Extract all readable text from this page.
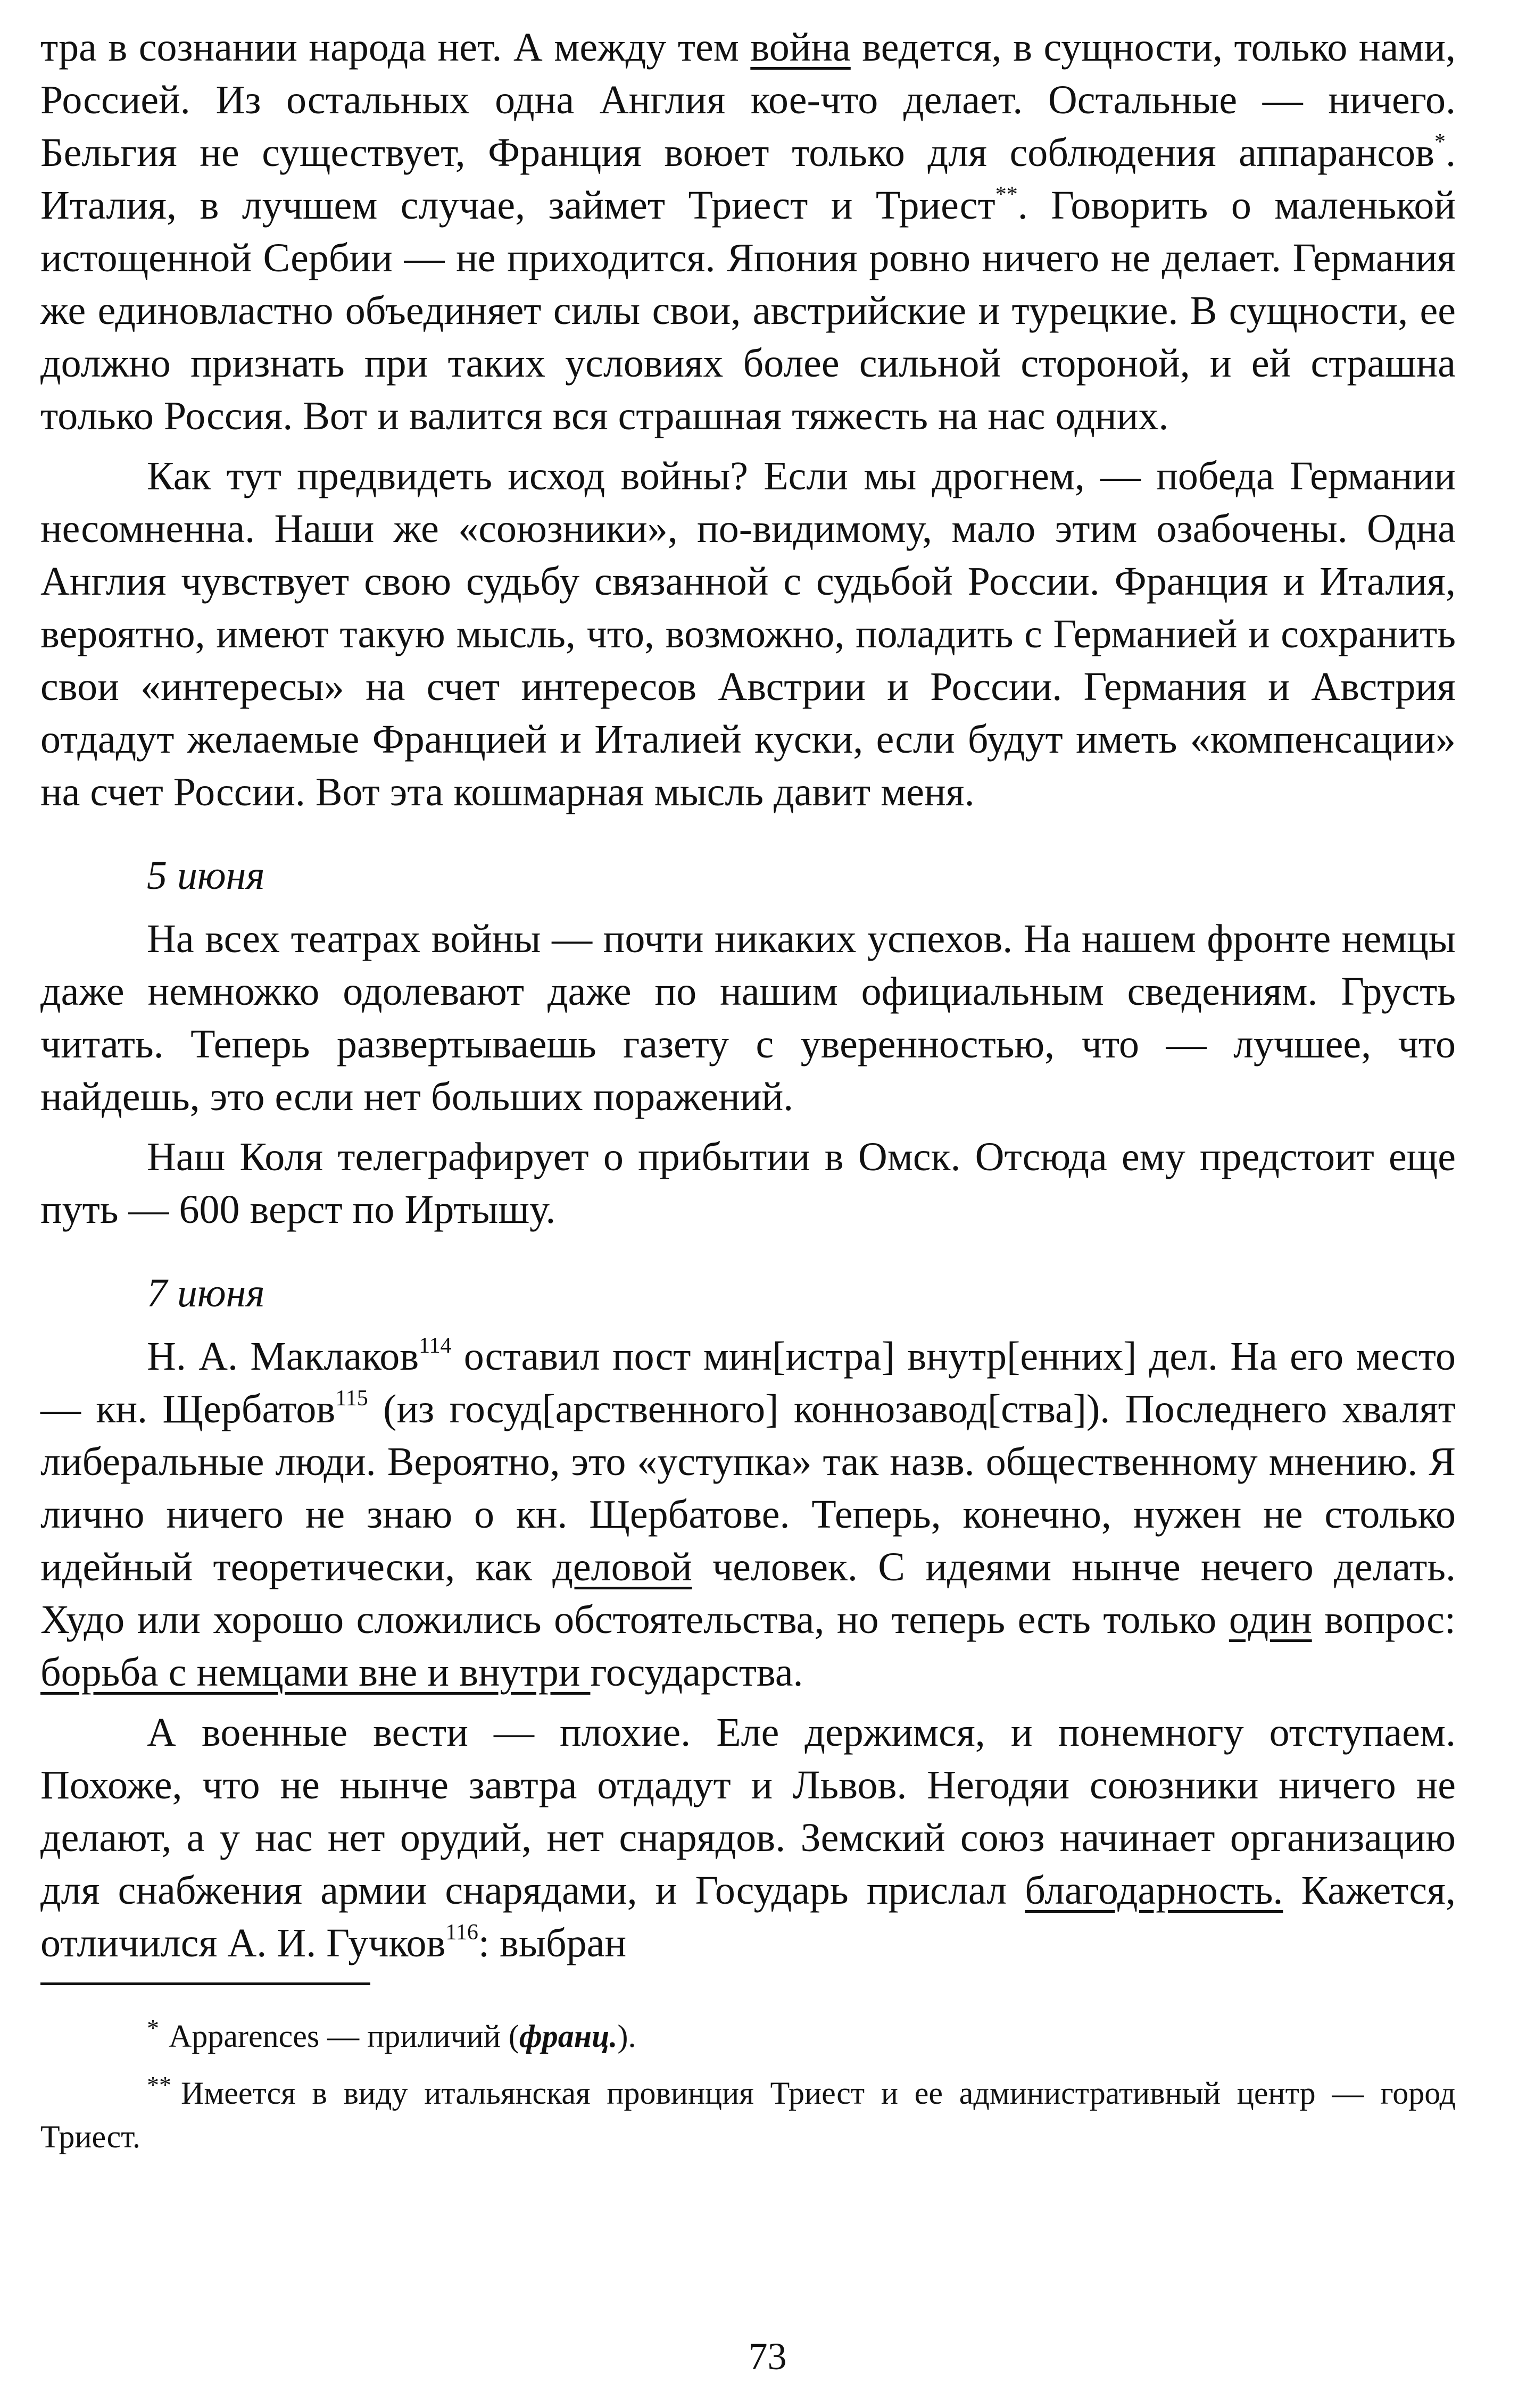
тра в сознании народа нет. А между тем война ведется, в сущности, только нами, Россией. Из остальных одна Англия кое-что делает. Остальные — ничего. Бельгия не существует, Франция воюет только для соблюдения аппарансов*. Италия, в лучшем случае, займет Триест и Триест**. Говорить о маленькой истощенной Сербии — не приходится. Япония ровно ничего не делает. Германия же единовластно объединяет силы свои, австрийские и турецкие. В сущности, ее должно признать при таких условиях более сильной стороной, и ей страшна только Россия. Вот и валится вся страшная тяжесть на нас одних.

Как тут предвидеть исход войны? Если мы дрогнем, — победа Германии несомненна. Наши же «союзники», по-видимому, мало этим озабочены. Одна Англия чувствует свою судьбу связанной с судьбой России. Франция и Италия, вероятно, имеют такую мысль, что, возможно, поладить с Германией и сохранить свои «интересы» на счет интересов Австрии и России. Германия и Австрия отдадут желаемые Францией и Италией куски, если будут иметь «компенсации» на счет России. Вот эта кошмарная мысль давит меня.

5 июня

На всех театрах войны — почти никаких успехов. На нашем фронте немцы даже немножко одолевают даже по нашим официальным сведениям. Грусть читать. Теперь развертываешь газету с уверенностью, что — лучшее, что найдешь, это если нет больших поражений.

Наш Коля телеграфирует о прибытии в Омск. Отсюда ему предстоит еще путь — 600 верст по Иртышу.

7 июня

Н. А. Маклаков$^{114}$ оставил пост мин[истра] внутр[енних] дел. На его место — кн. Щербатов$^{115}$ (из госуд[арственного] коннозавод[ства]). Последнего хвалят либеральные люди. Вероятно, это «уступка» так назв. общественному мнению. Я лично ничего не знаю о кн. Щербатове. Теперь, конечно, нужен не столько идейный теоретически, как деловой человек. С идеями нынче нечего делать. Худо или хорошо сложились обстоятельства, но теперь есть только один вопрос: борьба с немцами вне и внутри государства.

А военные вести — плохие. Еле держимся, и понемногу отступаем. Похоже, что не нынче завтра отдадут и Львов. Негодяи союзники ничего не делают, а у нас нет орудий, нет снарядов. Земский союз начинает организацию для снабжения армии снарядами, и Государь прислал благодарность. Кажется, отличился А. И. Гучков$^{116}$: выбран

* Apparences — приличий (франц.).

** Имеется в виду итальянская провинция Триест и ее административный центр — город Триест.

73
